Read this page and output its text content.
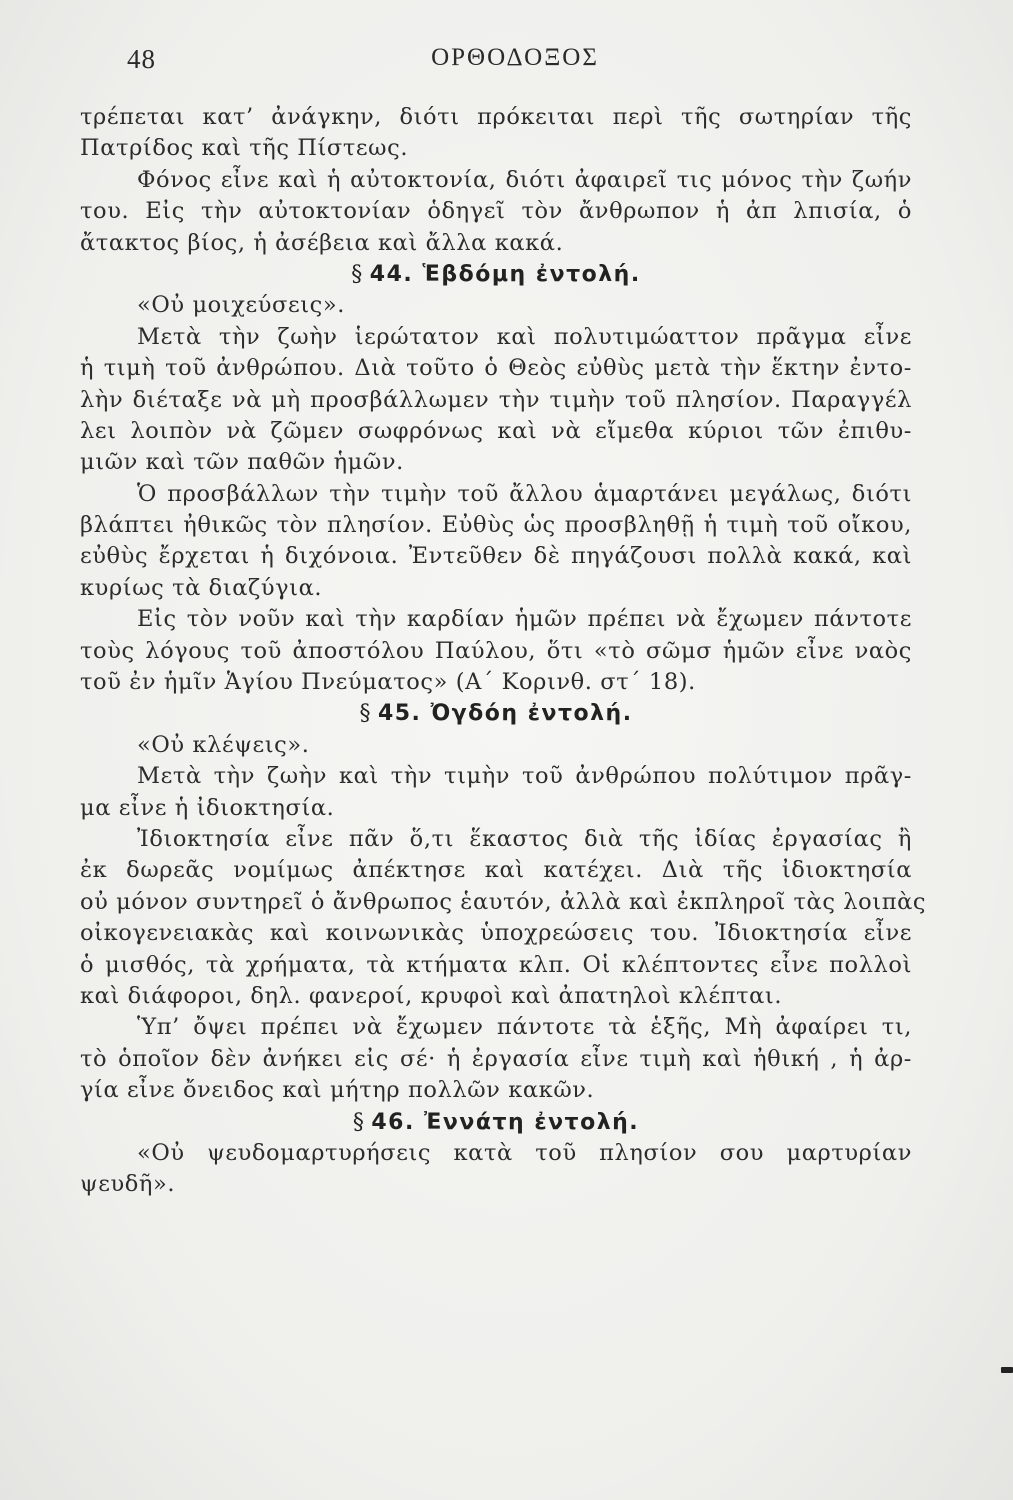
48	ΟΡΘΟΔΟΞΟΣ
τρέπεται κατ’ ἀνάγκην, διότι πρόκειται περὶ τῆς σωτηρίαν τῆς
Πατρίδος καὶ τῆς Πίστεως.
Φόνος εἶνε καὶ ἡ αὐτοκτονία, διότι ἀφαιρεῖ τις μόνος τὴν ζωήν
του. Εἰς τὴν αὐτοκτονίαν ὁδηγεῖ τὸν ἄνθρωπον ἡ ἀπ λπισία, ὁ
ἄτακτος βίος, ἡ ἀσέβεια καὶ ἄλλα κακά.
§ 44. Ἑβδόμη ἐντολή.
«Οὐ μοιχεύσεις».
Μετὰ τὴν ζωὴν ἱερώτατον καὶ πολυτιμώαττον πρᾶγμα εἶνε
ἡ τιμὴ τοῦ ἀνθρώπου. Διὰ τοῦτο ὁ Θεὸς εὐθὺς μετὰ τὴν ἕκτην ἐντο-
λὴν διέταξε νὰ μὴ προσβάλλωμεν τὴν τιμὴν τοῦ πλησίον. Παραγγέλ
λει λοιπὸν νὰ ζῶμεν σωφρόνως καὶ νὰ εἴμεθα κύριοι τῶν ἐπιθυ-
μιῶν καὶ τῶν παθῶν ἡμῶν.
Ὁ προσβάλλων τὴν τιμὴν τοῦ ἄλλου ἁμαρτάνει μεγάλως, διότι
βλάπτει ἠθικῶς τὸν πλησίον. Εὐθὺς ὡς προσβληθῇ ἡ τιμὴ τοῦ οἴκου,
εὐθὺς ἔρχεται ἡ διχόνοια. Ἐντεῦθεν δὲ πηγάζουσι πολλὰ κακά, καὶ
κυρίως τὰ διαζύγια.
Εἰς τὸν νοῦν καὶ τὴν καρδίαν ἡμῶν πρέπει νὰ ἔχωμεν πάντοτε
τοὺς λόγους τοῦ ἀποστόλου Παύλου, ὅτι «τὸ σῶμσ ἡμῶν εἶνε ναὸς
τοῦ ἐν ἡμῖν Ἁγίου Πνεύματος» (Α΄ Κορινθ. στ΄ 18).
§ 45. Ὀγδόη ἐντολή.
«Οὐ κλέψεις».
Μετὰ τὴν ζωὴν καὶ τὴν τιμὴν τοῦ ἀνθρώπου πολύτιμον πρᾶγ-
μα εἶνε ἡ ἰδιοκτησία.
Ἰδιοκτησία εἶνε πᾶν ὅ,τι ἕκαστος διὰ τῆς ἰδίας ἐργασίας ἢ
ἐκ δωρεᾶς νομίμως ἀπέκτησε καὶ κατέχει. Διὰ τῆς ἰδιοκτησία
οὐ μόνον συντηρεῖ ὁ ἄνθρωπος ἑαυτόν, ἀλλὰ καὶ ἐκπληροῖ τὰς λοιπὰς
οἰκογενειακὰς καὶ κοινωνικὰς ὑποχρεώσεις του. Ἰδιοκτησία εἶνε
ὁ μισθός, τὰ χρήματα, τὰ κτήματα κλπ. Οἱ κλέπτοντες εἶνε πολλοὶ
καὶ διάφοροι, δηλ. φανεροί, κρυφοὶ καὶ ἀπατηλοὶ κλέπται.
Ὑπ’ ὄψει πρέπει νὰ ἔχωμεν πάντοτε τὰ ἑξῆς, Μὴ ἀφαίρει τι,
τὸ ὁποῖον δὲν ἀνήκει εἰς σέ· ἡ ἐργασία εἶνε τιμὴ καὶ ἠθική , ἡ ἀρ-
γία εἶνε ὄνειδος καὶ μήτηρ πολλῶν κακῶν.
§ 46. Ἐννάτη ἐντολή.
«Οὐ ψευδομαρτυρήσεις κατὰ τοῦ πλησίον σου μαρτυρίαν
ψευδῆ».
